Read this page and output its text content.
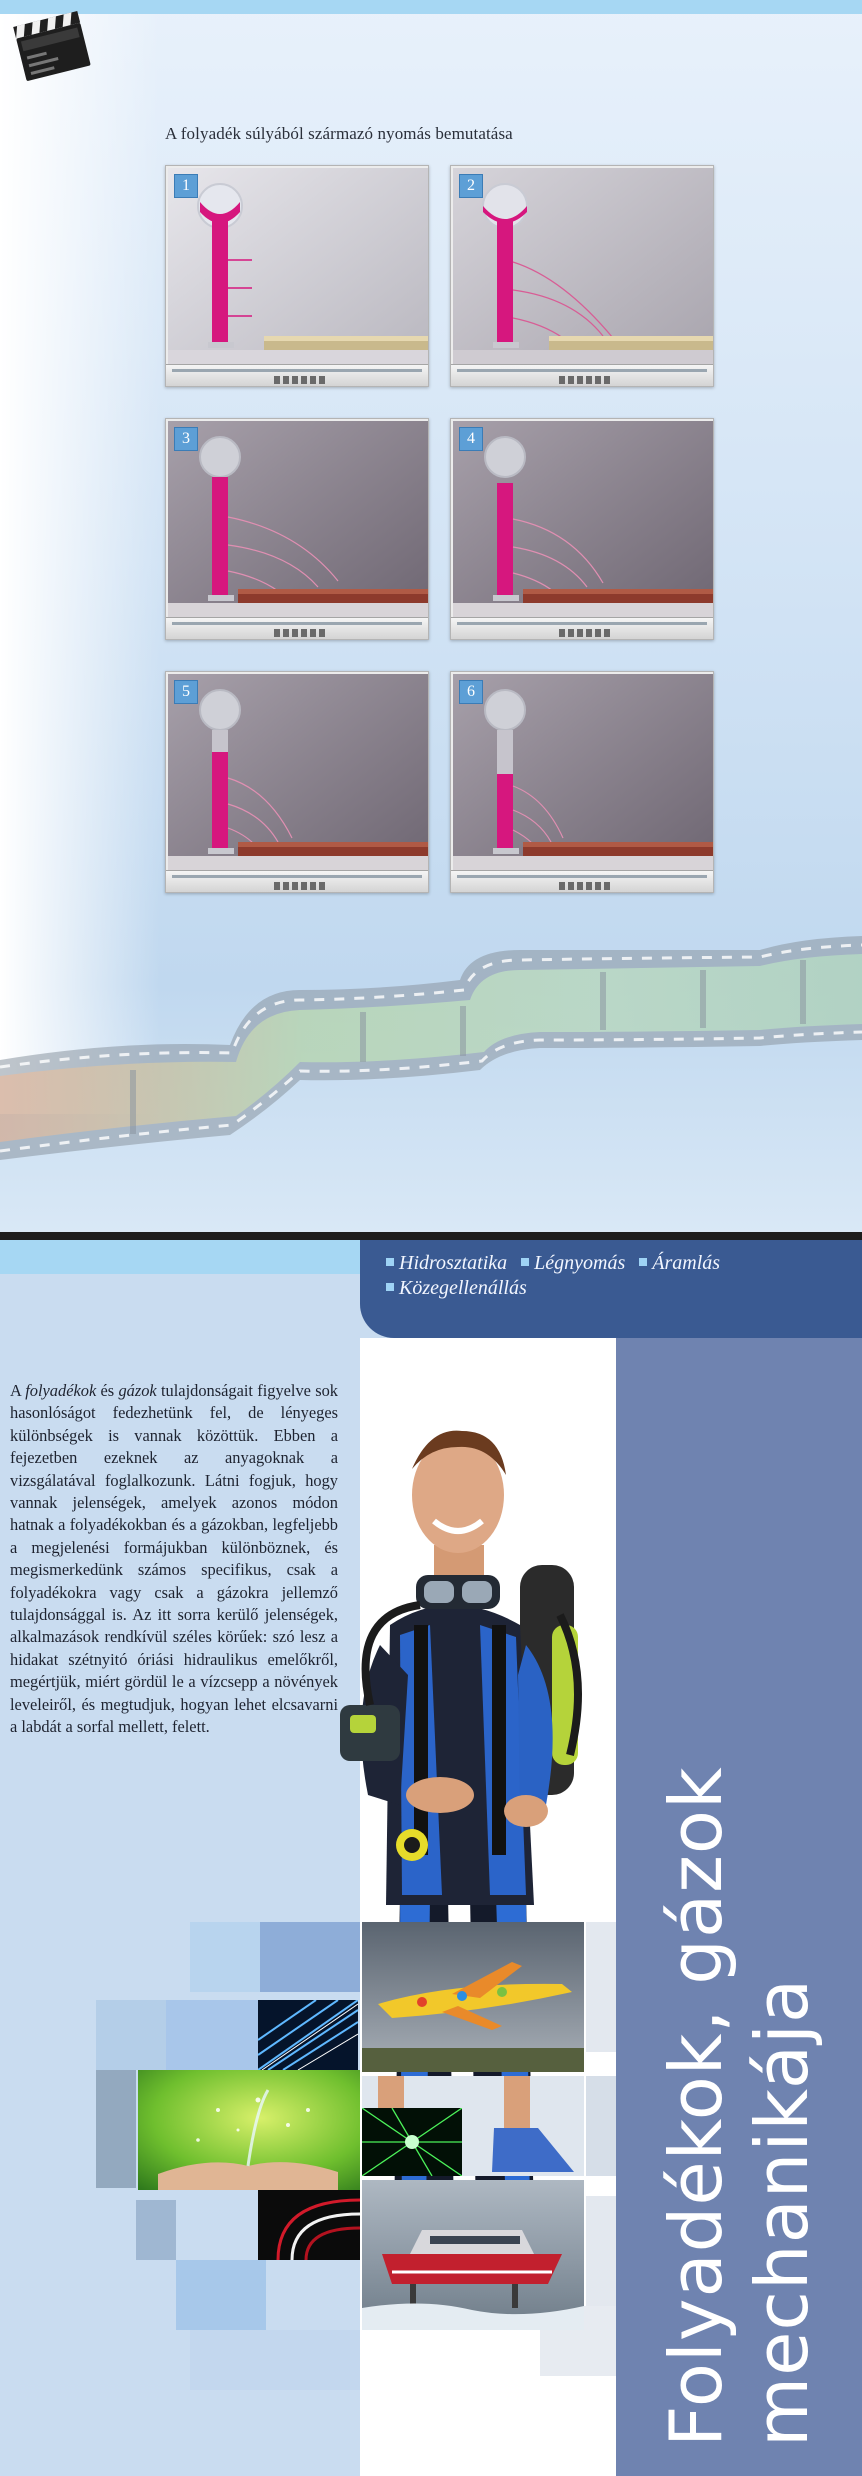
A folyadék súlyából származó nyomás bemutatása
1	2
3	4
5	6
Hidrosztatika Légnyomás Áramlás
Közegellenállás

A folyadékok és gázok tulajdonságait figyelve sok hasonlóságot fedezhetünk fel, de lényeges különbségek is vannak közöttük. Ebben a fejezetben ezeknek az anyagoknak a vizsgálatával foglalkozunk. Látni fogjuk, hogy vannak jelenségek, amelyek azonos módon hatnak a folyadékokban és a gázokban, legfeljebb a megjelenési formájukban különböznek, és megismerkedünk számos specifikus, csak a folyadékokra vagy csak a gázokra jellemző tulajdonsággal is. Az itt sorra kerülő jelenségek, alkalmazások rendkívül széles körűek: szó lesz a hidakat szétnyitó óriási hidraulikus emelőkről, megértjük, miért gördül le a vízcsepp a növények leveleiről, és megtudjuk, hogyan lehet elcsavarni a labdát a sorfal mellett, felett.

Folyadékok, gázok mechanikája
